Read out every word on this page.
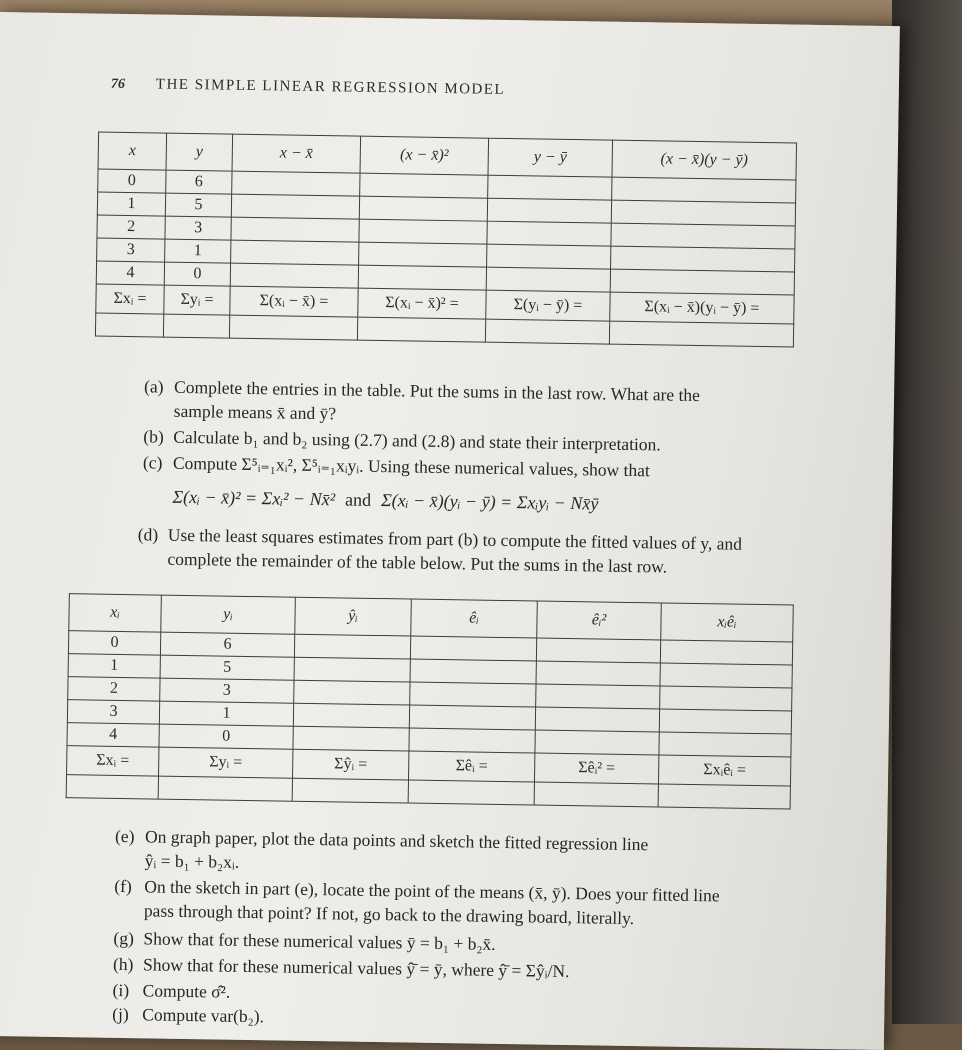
76 THE SIMPLE LINEAR REGRESSION MODEL
x	y	x − x̄	(x − x̄)²	y − ȳ	(x − x̄)(y − ȳ)
0	6				
1	5				
2	3				
3	1				
4	0				
Σxᵢ =	Σyᵢ =	Σ(xᵢ − x̄) =	Σ(xᵢ − x̄)² =	Σ(yᵢ − ȳ) =	Σ(xᵢ − x̄)(yᵢ − ȳ) =

(a) Complete the entries in the table. Put the sums in the last row. What are the
sample means x̄ and ȳ?
(b) Calculate b₁ and b₂ using (2.7) and (2.8) and state their interpretation.
(c) Compute Σ⁵ᵢ₌₁xᵢ², Σ⁵ᵢ₌₁xᵢyᵢ. Using these numerical values, show that
Σ(xᵢ − x̄)² = Σxᵢ² − Nx̄² and Σ(xᵢ − x̄)(yᵢ − ȳ) = Σxᵢyᵢ − Nx̄ȳ
(d) Use the least squares estimates from part (b) to compute the fitted values of y, and
complete the remainder of the table below. Put the sums in the last row.
xᵢ	yᵢ	ŷᵢ	êᵢ	êᵢ²	xᵢêᵢ
0	6				
1	5				
2	3				
3	1				
4	0				
Σxᵢ =	Σyᵢ =	Σŷᵢ =	Σêᵢ =	Σêᵢ² =	Σxᵢêᵢ =

(e) On graph paper, plot the data points and sketch the fitted regression line
ŷᵢ = b₁ + b₂xᵢ.
(f) On the sketch in part (e), locate the point of the means (x̄, ȳ). Does your fitted line
pass through that point? If not, go back to the drawing board, literally.
(g) Show that for these numerical values ȳ = b₁ + b₂x̄.
(h) Show that for these numerical values ŷ̄ = ȳ, where ŷ̄ = Σŷᵢ/N.
(i) Compute σ̂².
(j) Compute var(b₂).
